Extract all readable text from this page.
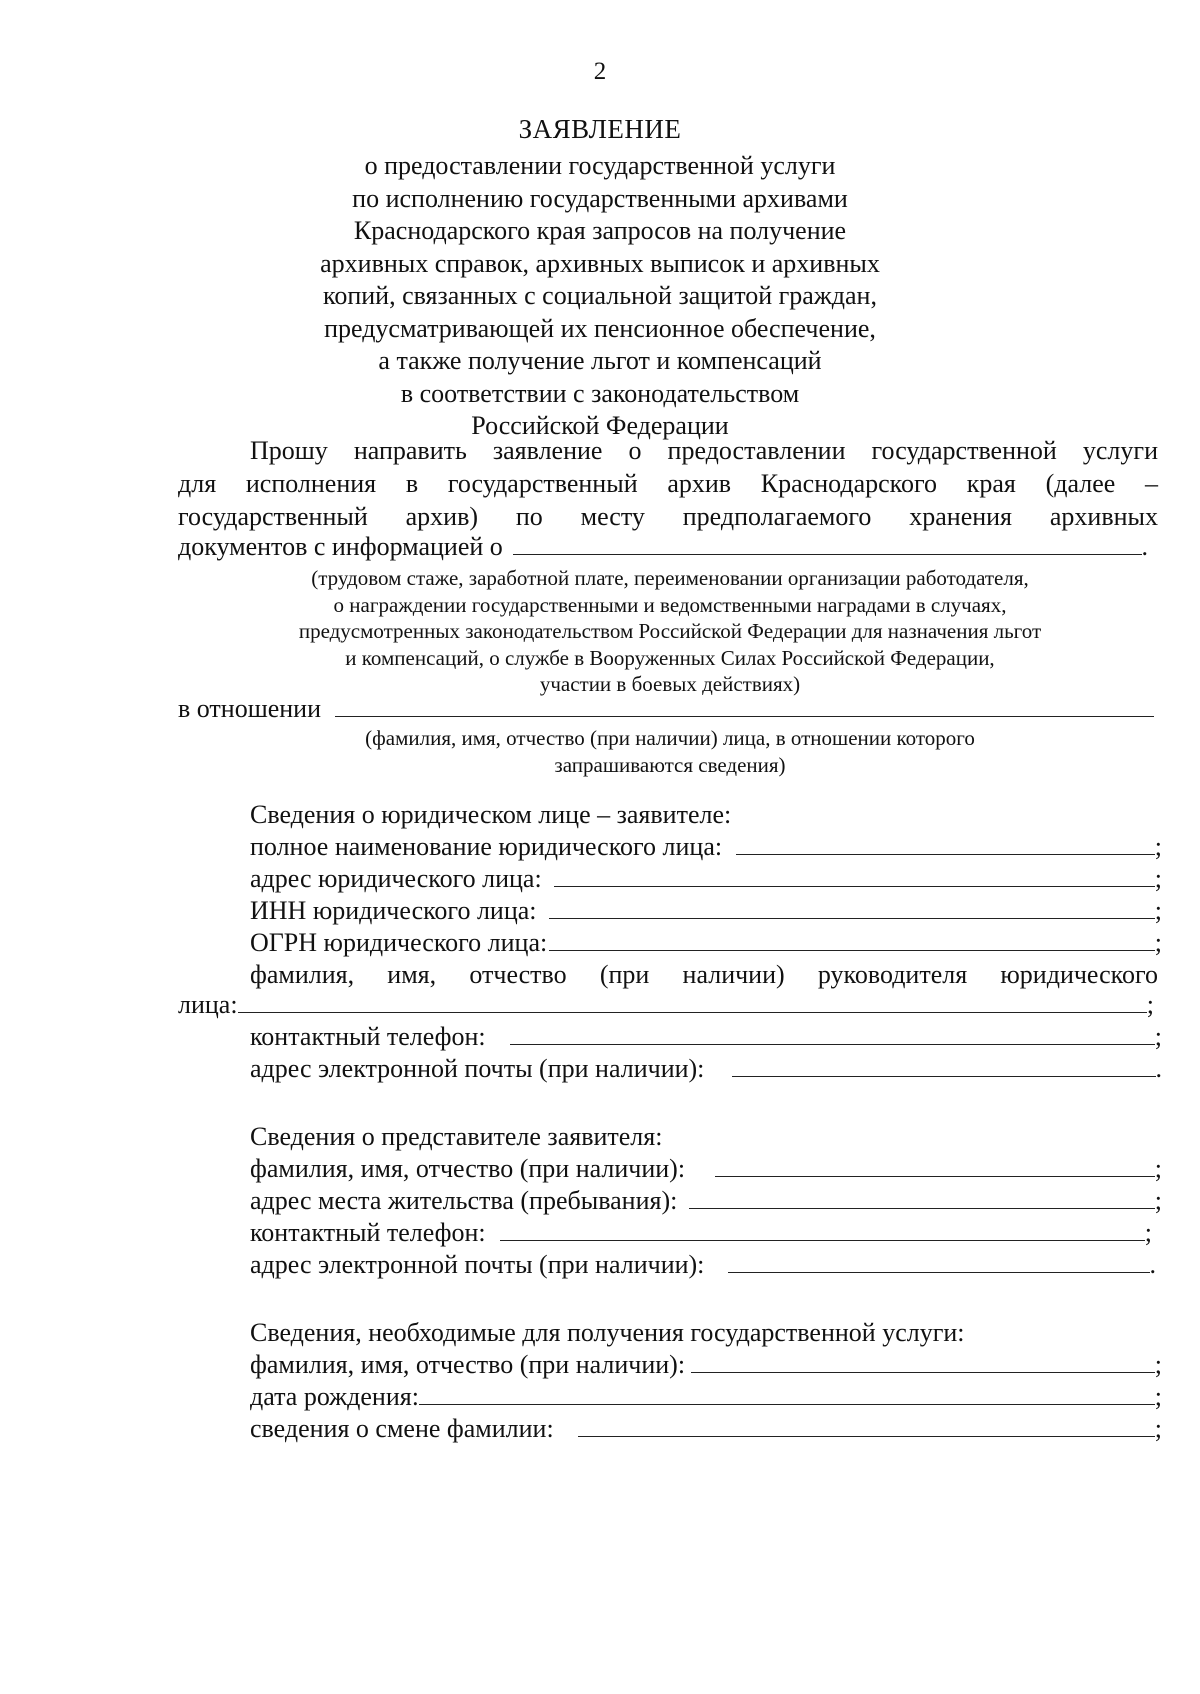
2
ЗАЯВЛЕНИЕ
о предоставлении государственной услуги
по исполнению государственными архивами
Краснодарского края запросов на получение
архивных справок, архивных выписок и архивных
копий, связанных с социальной защитой граждан,
предусматривающей их пенсионное обеспечение,
а также получение льгот и компенсаций
в соответствии с законодательством
Российской Федерации
Прошу направить заявление о предоставлении государственной услуги
для исполнения в государственный архив Краснодарского края (далее –
государственный архив) по месту предполагаемого хранения архивных
документов с информацией о	.
(трудовом стаже, заработной плате, переименовании организации работодателя,
о награждении государственными и ведомственными наградами в случаях,
предусмотренных законодательством Российской Федерации для назначения льгот
и компенсаций, о службе в Вооруженных Силах Российской Федерации,
участии в боевых действиях)
в отношении
(фамилия, имя, отчество (при наличии) лица, в отношении которого
запрашиваются сведения)
Сведения о юридическом лице – заявителе:
полное наименование юридического лица:	;
адрес юридического лица:	;
ИНН юридического лица:	;
ОГРН юридического лица:	;
фамилия, имя, отчество (при наличии) руководителя юридического
лица:	;
контактный телефон:	;
адрес электронной почты (при наличии):	.
Сведения о представителе заявителя:
фамилия, имя, отчество (при наличии):	;
адрес места жительства (пребывания):	;
контактный телефон:	;
адрес электронной почты (при наличии):	.
Сведения, необходимые для получения государственной услуги:
фамилия, имя, отчество (при наличии):	;
дата рождения:	;
сведения о смене фамилии:	;
